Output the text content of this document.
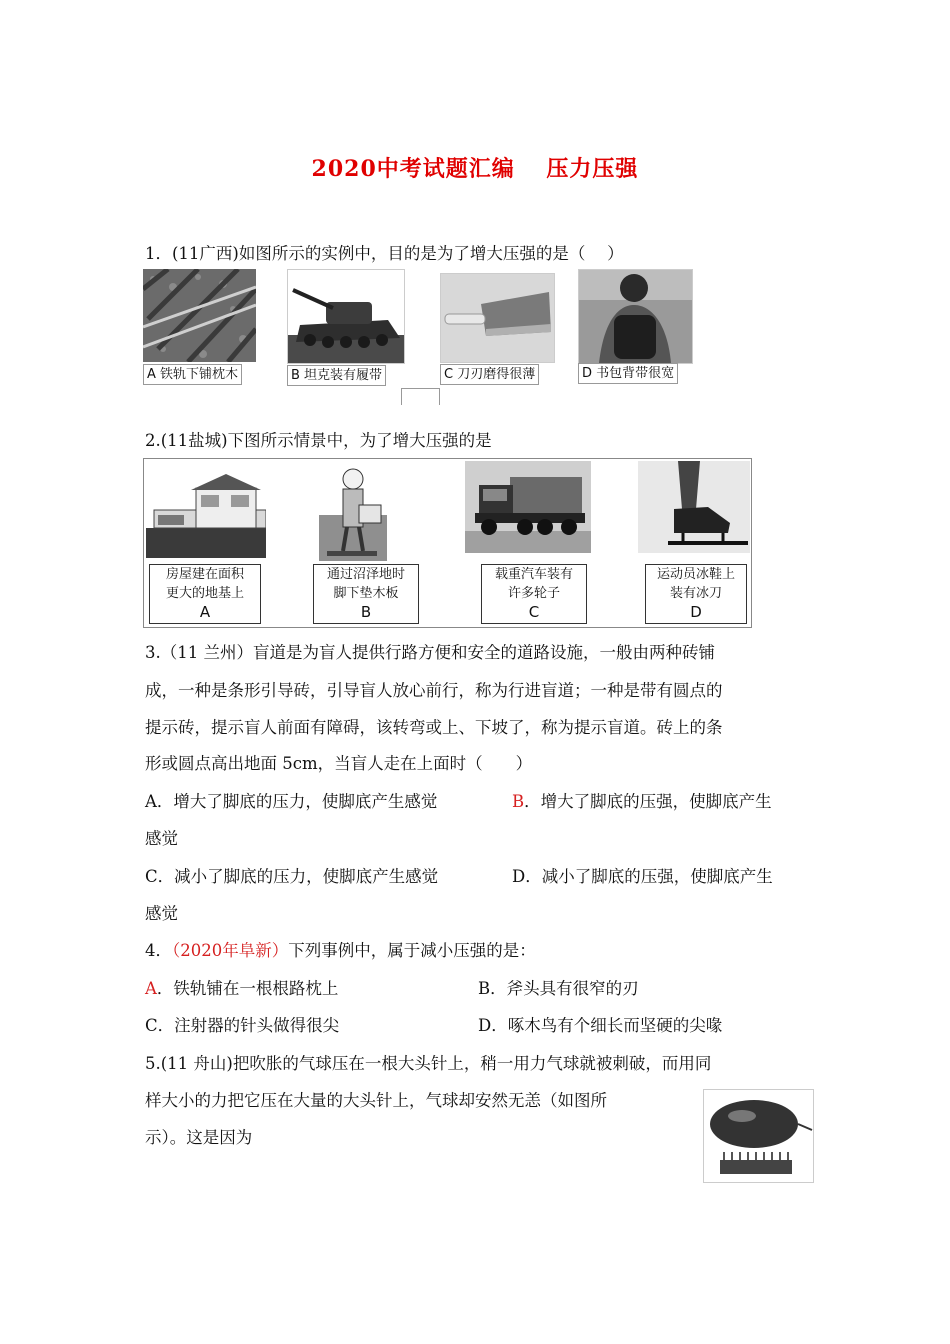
2020中考试题汇编　 压力压强
1．(11广西)如图所示的实例中，目的是为了增大压强的是（　 ）
A 铁轨下铺枕木	B 坦克装有履带	C 刀刃磨得很薄	D 书包背带很宽
2.(11盐城)下图所示情景中，为了增大压强的是
房屋建在面积
更大的地基上
A
通过沼泽地时
脚下垫木板
B
载重汽车装有
许多轮子
C
运动员冰鞋上
装有冰刀
D
3.（11 兰州）盲道是为盲人提供行路方便和安全的道路设施，一般由两种砖铺
成，一种是条形引导砖，引导盲人放心前行，称为行进盲道；一种是带有圆点的
提示砖，提示盲人前面有障碍，该转弯或上、下坡了，称为提示盲道。砖上的条
形或圆点高出地面 5cm，当盲人走在上面时（　　）
A．增大了脚底的压力，使脚底产生感觉	B．增大了脚底的压强，使脚底产生
感觉
C．减小了脚底的压力，使脚底产生感觉	D．减小了脚底的压强，使脚底产生
感觉
4．（2020年阜新）下列事例中，属于减小压强的是：
A．铁轨铺在一根根路枕上	B．斧头具有很窄的刃
C．注射器的针头做得很尖	D．啄木鸟有个细长而坚硬的尖喙
5.(11 舟山)把吹胀的气球压在一根大头针上，稍一用力气球就被刺破，而用同
样大小的力把它压在大量的大头针上，气球却安然无恙（如图所
示）。这是因为
